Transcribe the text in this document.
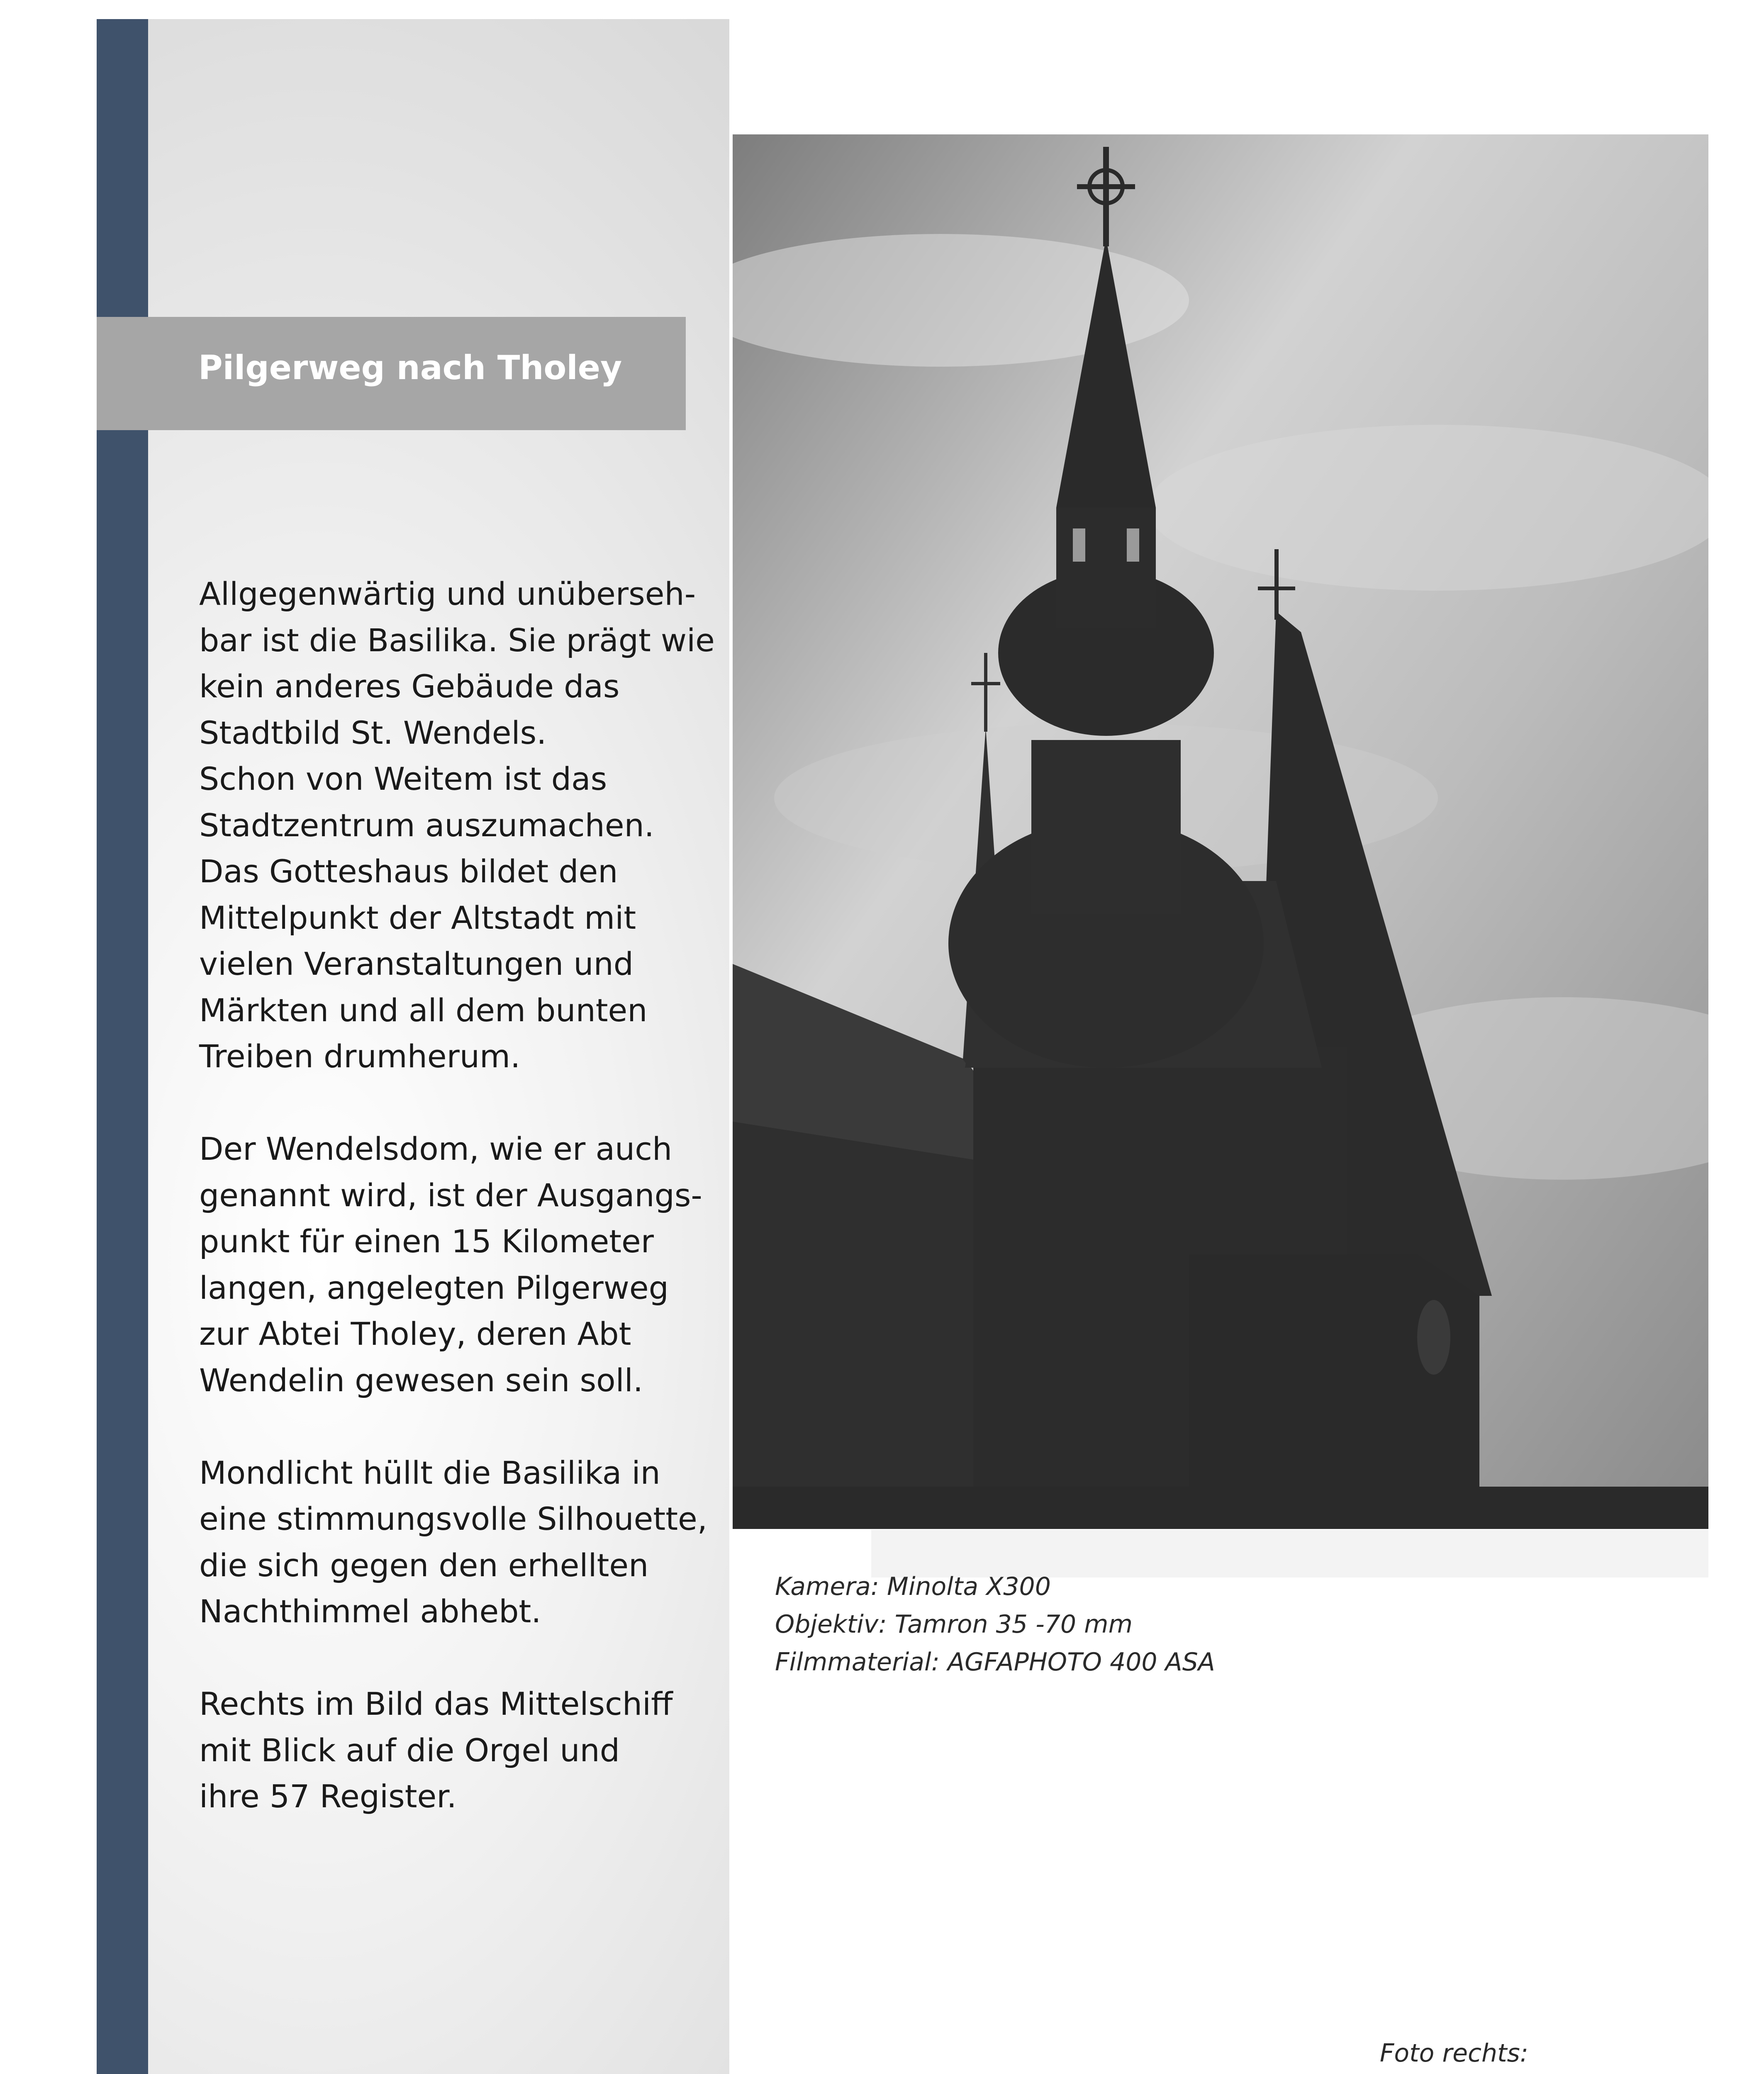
Pilgerweg nach Tholey

Allgegenwärtig und unüberseh-
bar ist die Basilika. Sie prägt wie
kein anderes Gebäude das
Stadtbild St. Wendels.
Schon von Weitem ist das
Stadtzentrum auszumachen.
Das Gotteshaus bildet den
Mittelpunkt der Altstadt mit
vielen Veranstaltungen und
Märkten und all dem bunten
Treiben drumherum.

Der Wendelsdom, wie er auch
genannt wird, ist der Ausgangs-
punkt für einen 15 Kilometer
langen, angelegten Pilgerweg
zur Abtei Tholey, deren Abt
Wendelin gewesen sein soll.

Mondlicht hüllt die Basilika in
eine stimmungsvolle Silhouette,
die sich gegen den erhellten
Nachthimmel abhebt.

Rechts im Bild das Mittelschiff
mit Blick auf die Orgel und
ihre 57 Register.

Kamera: Minolta X300
Objektiv: Tamron 35 -70 mm
Filmmaterial: AGFAPHOTO 400 ASA
Foto rechts:
